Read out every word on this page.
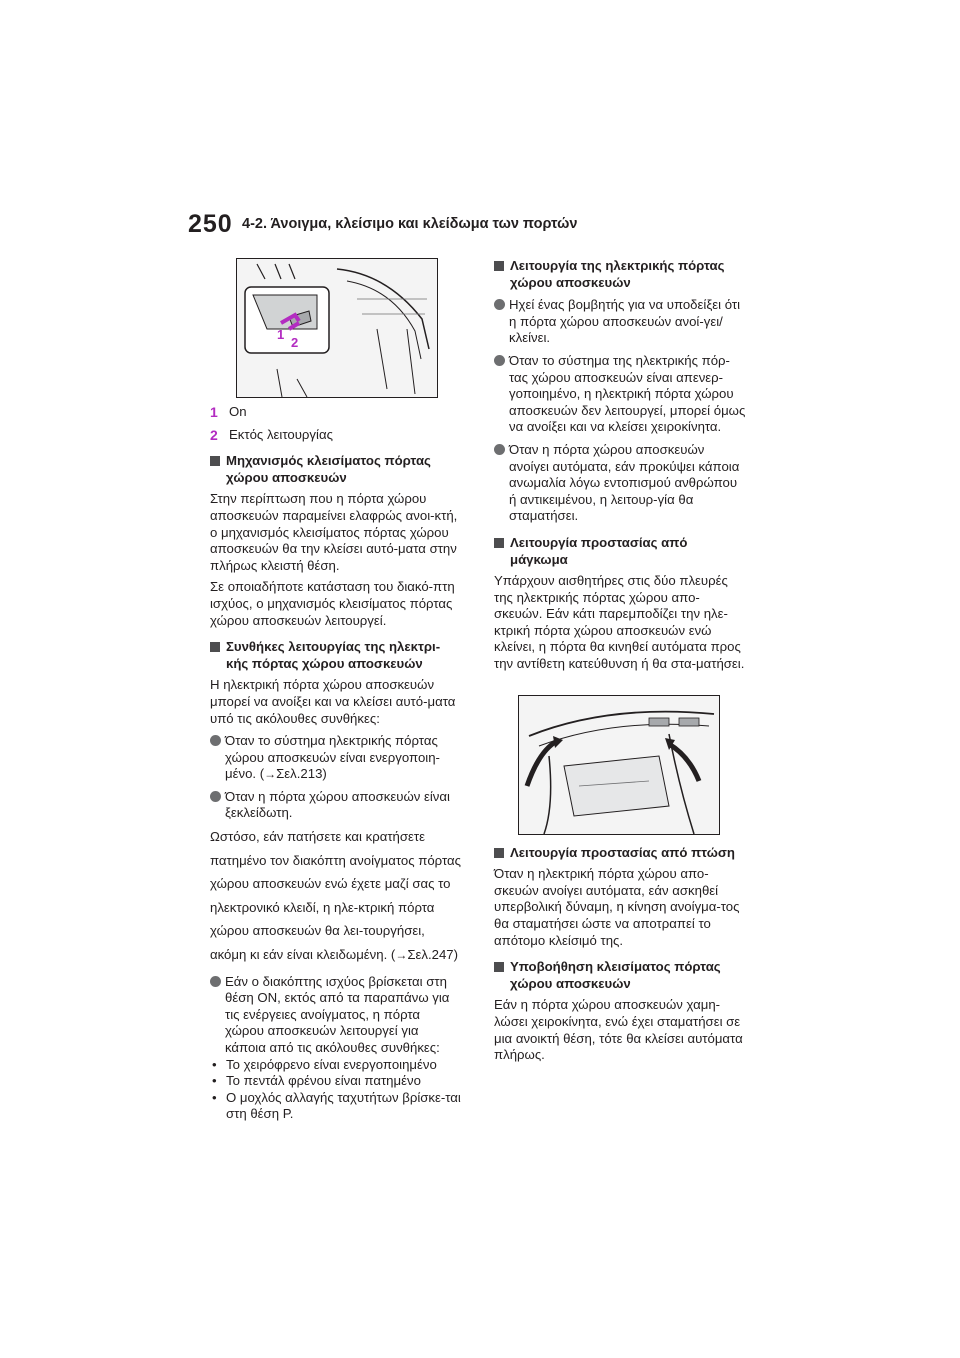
250 4-2. Άνοιγμα, κλείσιμο και κλείδωμα των πορτών
1
2
1 On
2 Εκτός λειτουργίας
Μηχανισμός κλεισίματος πόρτας χώρου αποσκευών
Στην περίπτωση που η πόρτα χώρου αποσκευών παραμείνει ελαφρώς ανοι-κτή, ο μηχανισμός κλεισίματος πόρτας χώρου αποσκευών θα την κλείσει αυτό-ματα στην πλήρως κλειστή θέση.
Σε οποιαδήποτε κατάσταση του διακό-πτη ισχύος, ο μηχανισμός κλεισίματος πόρτας χώρου αποσκευών λειτουργεί.
Συνθήκες λειτουργίας της ηλεκτρι-κής πόρτας χώρου αποσκευών
Η ηλεκτρική πόρτα χώρου αποσκευών μπορεί να ανοίξει και να κλείσει αυτό-ματα υπό τις ακόλουθες συνθήκες:
Όταν το σύστημα ηλεκτρικής πόρτας χώρου αποσκευών είναι ενεργοποιη-μένο. (→Σελ.213)
Όταν η πόρτα χώρου αποσκευών είναι ξεκλείδωτη.
Ωστόσο, εάν πατήσετε και κρατήσετε πατημένο τον διακόπτη ανοίγματος πόρτας χώρου αποσκευών ενώ έχετε μαζί σας το ηλεκτρονικό κλειδί, η ηλε-κτρική πόρτα χώρου αποσκευών θα λει-τουργήσει, ακόμη κι εάν είναι κλειδωμένη. (→Σελ.247)
Εάν ο διακόπτης ισχύος βρίσκεται στη θέση ON, εκτός από τα παραπάνω για τις ενέργειες ανοίγματος, η πόρτα χώρου αποσκευών λειτουργεί για κάποια από τις ακόλουθες συνθήκες:
• Το χειρόφρενο είναι ενεργοποιημένο
• Το πεντάλ φρένου είναι πατημένο
• Ο μοχλός αλλαγής ταχυτήτων βρίσκε-ται στη θέση P.
Λειτουργία της ηλεκτρικής πόρτας χώρου αποσκευών
Ηχεί ένας βομβητής για να υποδείξει ότι η πόρτα χώρου αποσκευών ανοί-γει/κλείνει.
Όταν το σύστημα της ηλεκτρικής πόρ-τας χώρου αποσκευών είναι απενερ-γοποιημένο, η ηλεκτρική πόρτα χώρου αποσκευών δεν λειτουργεί, μπορεί όμως να ανοίξει και να κλείσει χειροκίνητα.
Όταν η πόρτα χώρου αποσκευών ανοίγει αυτόματα, εάν προκύψει κάποια ανωμαλία λόγω εντοπισμού ανθρώπου ή αντικειμένου, η λειτουρ-γία θα σταματήσει.
Λειτουργία προστασίας από μάγκωμα
Υπάρχουν αισθητήρες στις δύο πλευρές της ηλεκτρικής πόρτας χώρου απο-σκευών. Εάν κάτι παρεμποδίζει την ηλε-κτρική πόρτα χώρου αποσκευών ενώ κλείνει, η πόρτα θα κινηθεί αυτόματα προς την αντίθετη κατεύθυνση ή θα στα-ματήσει.
Λειτουργία προστασίας από πτώση
Όταν η ηλεκτρική πόρτα χώρου απο-σκευών ανοίγει αυτόματα, εάν ασκηθεί υπερβολική δύναμη, η κίνηση ανοίγμα-τος θα σταματήσει ώστε να αποτραπεί το απότομο κλείσιμό της.
Υποβοήθηση κλεισίματος πόρτας χώρου αποσκευών
Εάν η πόρτα χώρου αποσκευών χαμη-λώσει χειροκίνητα, ενώ έχει σταματήσει σε μια ανοικτή θέση, τότε θα κλείσει αυτόματα πλήρως.
